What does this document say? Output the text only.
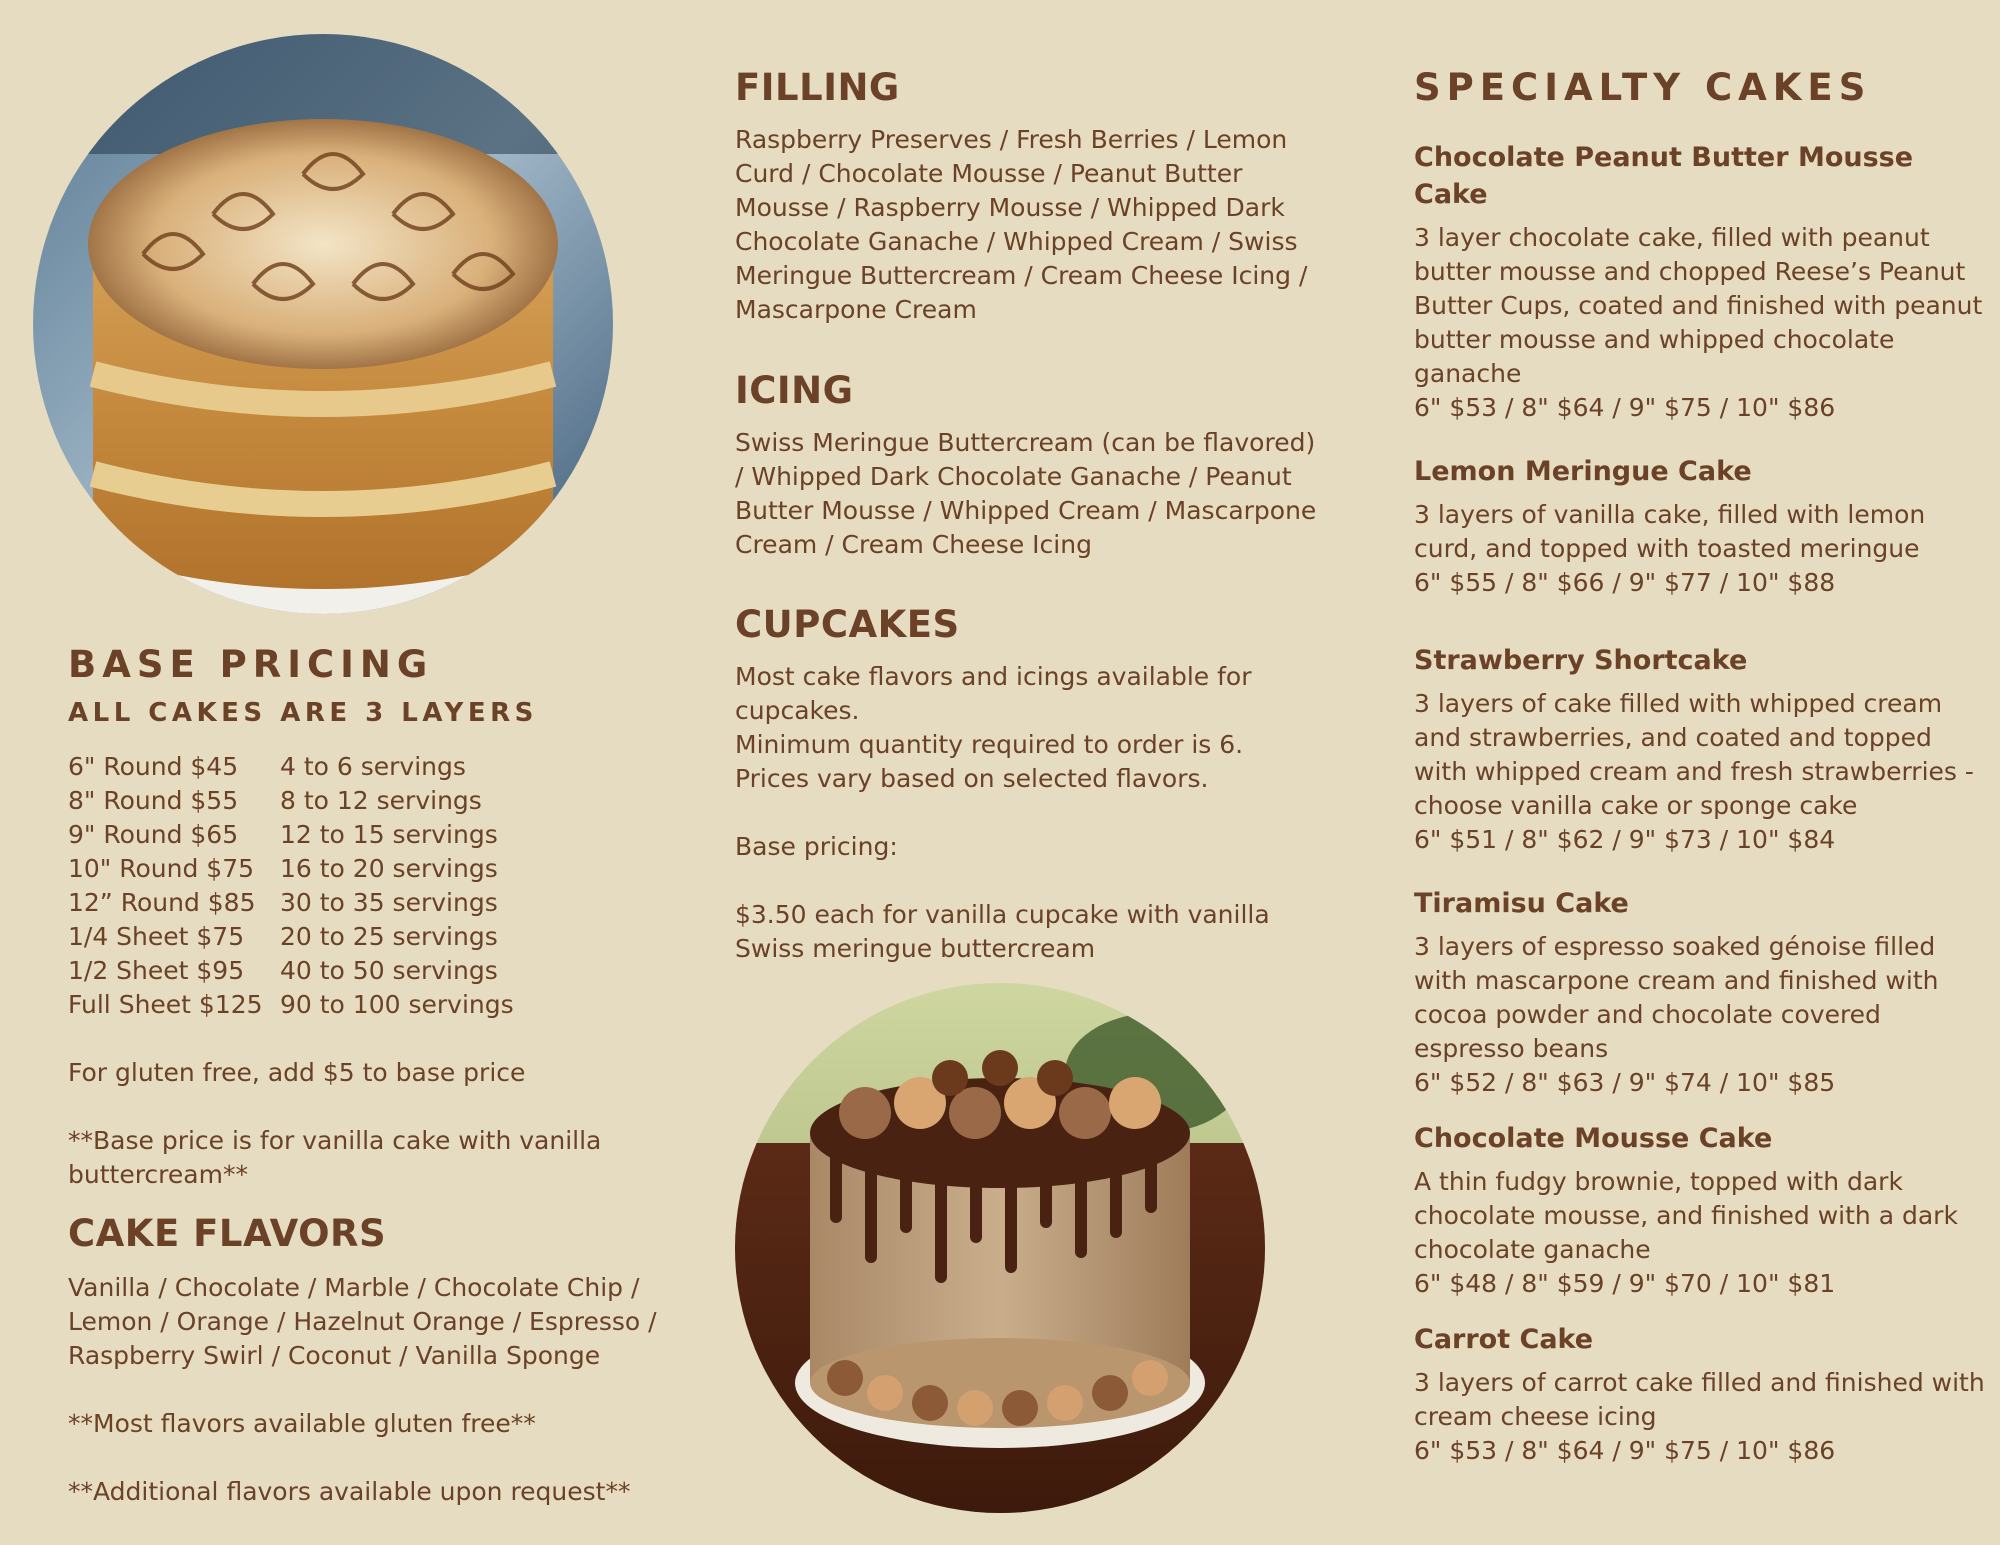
BASE PRICING
ALL CAKES ARE 3 LAYERS
6" Round $45	4 to 6 servings
8" Round $55	8 to 12 servings
9" Round $65	12 to 15 servings
10" Round $75	16 to 20 servings
12” Round $85 30 to 35 servings
1/4 Sheet $75	20 to 25 servings
1/2 Sheet $95	40 to 50 servings
Full Sheet $125 90 to 100 servings

For gluten free, add $5 to base price

**Base price is for vanilla cake with vanilla buttercream**

CAKE FLAVORS

Vanilla / Chocolate / Marble / Chocolate Chip / Lemon / Orange / Hazelnut Orange / Espresso / Raspberry Swirl / Coconut / Vanilla Sponge

**Most flavors available gluten free**

**Additional flavors available upon request**

FILLING

Raspberry Preserves / Fresh Berries / Lemon Curd / Chocolate Mousse / Peanut Butter Mousse / Raspberry Mousse / Whipped Dark Chocolate Ganache / Whipped Cream / Swiss Meringue Buttercream / Cream Cheese Icing / Mascarpone Cream

ICING

Swiss Meringue Buttercream (can be flavored) / Whipped Dark Chocolate Ganache / Peanut Butter Mousse / Whipped Cream / Mascarpone Cream / Cream Cheese Icing

CUPCAKES

Most cake flavors and icings available for cupcakes.

Minimum quantity required to order is 6.

Prices vary based on selected flavors.

Base pricing:

$3.50 each for vanilla cupcake with vanilla Swiss meringue buttercream

SPECIALTY CAKES

Chocolate Peanut Butter Mousse Cake

3 layer chocolate cake, filled with peanut butter mousse and chopped Reese’s Peanut Butter Cups, coated and finished with peanut butter mousse and whipped chocolate ganache

6" $53 / 8" $64 / 9" $75 / 10" $86

Lemon Meringue Cake

3 layers of vanilla cake, filled with lemon curd, and topped with toasted meringue

6" $55 / 8" $66 / 9" $77 / 10" $88

Strawberry Shortcake

3 layers of cake filled with whipped cream and strawberries, and coated and topped with whipped cream and fresh strawberries - choose vanilla cake or sponge cake

6" $51 / 8" $62 / 9" $73 / 10" $84

Tiramisu Cake

3 layers of espresso soaked génoise filled with mascarpone cream and finished with cocoa powder and chocolate covered espresso beans

6" $52 / 8" $63 / 9" $74 / 10" $85

Chocolate Mousse Cake

A thin fudgy brownie, topped with dark chocolate mousse, and finished with a dark chocolate ganache

6" $48 / 8" $59 / 9" $70 / 10" $81

Carrot Cake

3 layers of carrot cake filled and finished with cream cheese icing

6" $53 / 8" $64 / 9" $75 / 10" $86
